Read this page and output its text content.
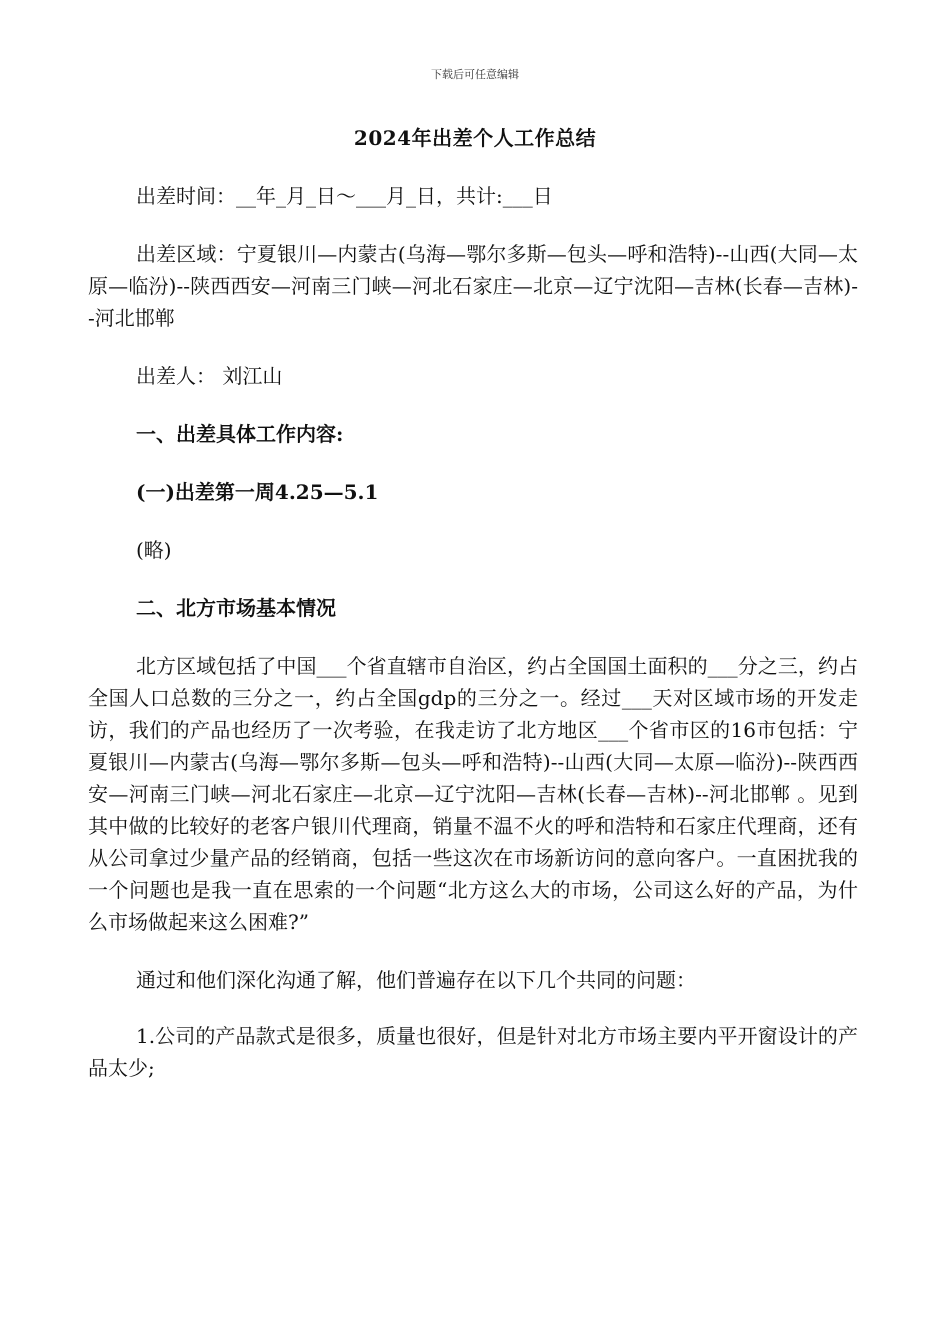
下载后可任意编辑
2024年出差个人工作总结

出差时间：__年_月_日～___月_日，共计:___日

出差区域：宁夏银川—内蒙古(乌海—鄂尔多斯—包头—呼和浩特)--山西(大同—太原—临汾)--陕西西安—河南三门峡—河北石家庄—北京—辽宁沈阳—吉林(长春—吉林)--河北邯郸

出差人： 刘江山

一、出差具体工作内容:

(一)出差第一周4.25—5.1

(略)

二、北方市场基本情况

北方区域包括了中国___个省直辖市自治区，约占全国国土面积的___分之三，约占全国人口总数的三分之一，约占全国gdp的三分之一。经过___天对区域市场的开发走访，我们的产品也经历了一次考验，在我走访了北方地区___个省市区的16市包括：宁夏银川—内蒙古(乌海—鄂尔多斯—包头—呼和浩特)--山西(大同—太原—临汾)--陕西西安—河南三门峡—河北石家庄—北京—辽宁沈阳—吉林(长春—吉林)--河北邯郸 。见到其中做的比较好的老客户银川代理商，销量不温不火的呼和浩特和石家庄代理商，还有从公司拿过少量产品的经销商，包括一些这次在市场新访问的意向客户。一直困扰我的一个问题也是我一直在思索的一个问题“北方这么大的市场，公司这么好的产品，为什么市场做起来这么困难?”

通过和他们深化沟通了解，他们普遍存在以下几个共同的问题：

1.公司的产品款式是很多，质量也很好，但是针对北方市场主要内平开窗设计的产品太少;
